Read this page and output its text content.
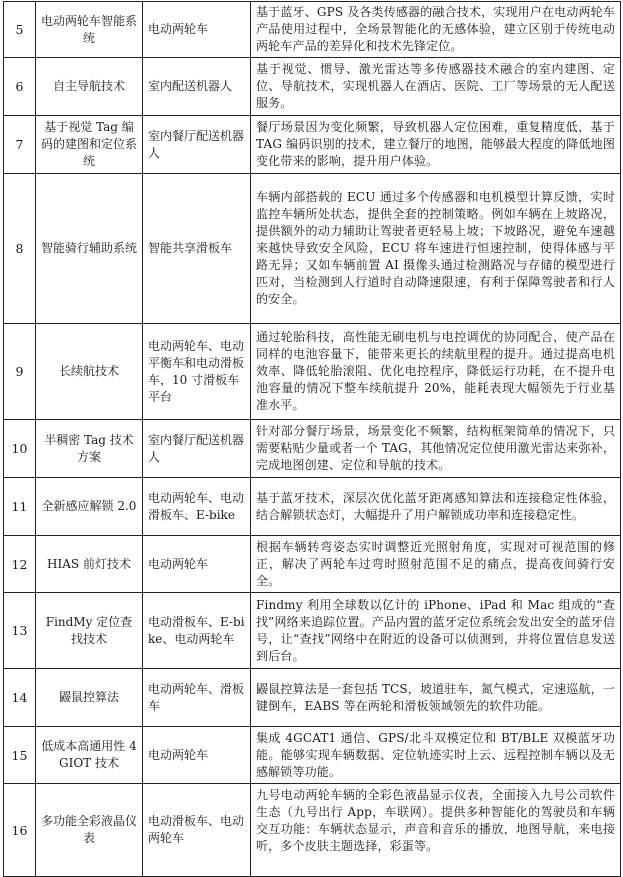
5	电动两轮车智能系统	电动两轮车	基于蓝牙、GPS 及各类传感器的融合技术，实现用户在电动两轮车产品使用过程中，全场景智能化的无感体验，建立区别于传统电动两轮车产品的差异化和技术先锋定位。
6	自主导航技术	室内配送机器人	基于视觉、惯导、激光雷达等多传感器技术融合的室内建图、定位、导航技术，实现机器人在酒店、医院、工厂等场景的无人配送服务。
7	基于视觉 Tag 编码的建图和定位系统	室内餐厅配送机器人	餐厅场景因为变化频繁，导致机器人定位困难，重复精度低，基于 TAG 编码识别的技术，建立餐厅的地图，能够最大程度的降低地图变化带来的影响，提升用户体验。
8	智能骑行辅助系统	智能共享滑板车	车辆内部搭载的 ECU 通过多个传感器和电机模型计算反馈，实时监控车辆所处状态，提供全套的控制策略。例如车辆在上坡路况，提供额外的动力辅助让驾驶者更轻易上坡；下坡路况，避免车速越来越快导致安全风险，ECU 将车速进行恒速控制，使得体感与平路无异；又如车辆前置 AI 摄像头通过检测路况与存储的模型进行匹对，当检测到人行道时自动降速限速，有利于保障驾驶者和行人的安全。
9	长续航技术	电动两轮车、电动平衡车和电动滑板车，10 寸滑板车平台	通过轮胎科技，高性能无刷电机与电控调优的协同配合，使产品在同样的电池容量下，能带来更长的续航里程的提升。通过提高电机效率、降低轮胎滚阻、优化电控程序，降低运行功耗，在不提升电池容量的情况下整车续航提升 20%，能耗表现大幅领先于行业基准水平。
10	半稠密 Tag 技术方案	室内餐厅配送机器人	针对部分餐厅场景，场景变化不频繁，结构框架简单的情况下，只需要粘贴少量或者一个 TAG，其他情况定位使用激光雷达来弥补，完成地图创建、定位和导航的技术。
11	全新感应解锁 2.0	电动两轮车、电动滑板车、E-bike	基于蓝牙技术，深层次优化蓝牙距离感知算法和连接稳定性体验，结合解锁状态灯，大幅提升了用户解锁成功率和连接稳定性。
12	HIAS 前灯技术	电动两轮车	根据车辆转弯姿态实时调整近光照射角度，实现对可视范围的修正，解决了两轮车过弯时照射范围不足的痛点，提高夜间骑行安全。
13	FindMy 定位查找技术	电动滑板车、E-bike、电动两轮车	Findmy 利用全球数以亿计的 iPhone、iPad 和 Mac 组成的“查找”网络来追踪位置。产品内置的蓝牙定位系统会发出安全的蓝牙信号，让“查找”网络中在附近的设备可以侦测到，并将位置信息发送到后台。
14	鼹鼠控算法	电动两轮车、滑板车	鼹鼠控算法是一套包括 TCS，坡道驻车，氮气模式，定速巡航，一键倒车，EABS 等在两轮和滑板领域领先的软件功能。
15	低成本高通用性 4GIOT 技术	电动两轮车	集成 4GCAT1 通信、GPS/北斗双模定位和 BT/BLE 双模蓝牙功能。能够实现车辆数据、定位轨迹实时上云、远程控制车辆以及无感解锁等功能。
16	多功能全彩液晶仪表	电动滑板车、电动两轮车	九号电动两轮车辆的全彩色液晶显示仪表，全面接入九号公司软件生态（九号出行 App，车联网）。提供多种智能化的驾驶员和车辆交互功能：车辆状态显示，声音和音乐的播放，地图导航，来电接听，多个皮肤主题选择，彩蛋等。
